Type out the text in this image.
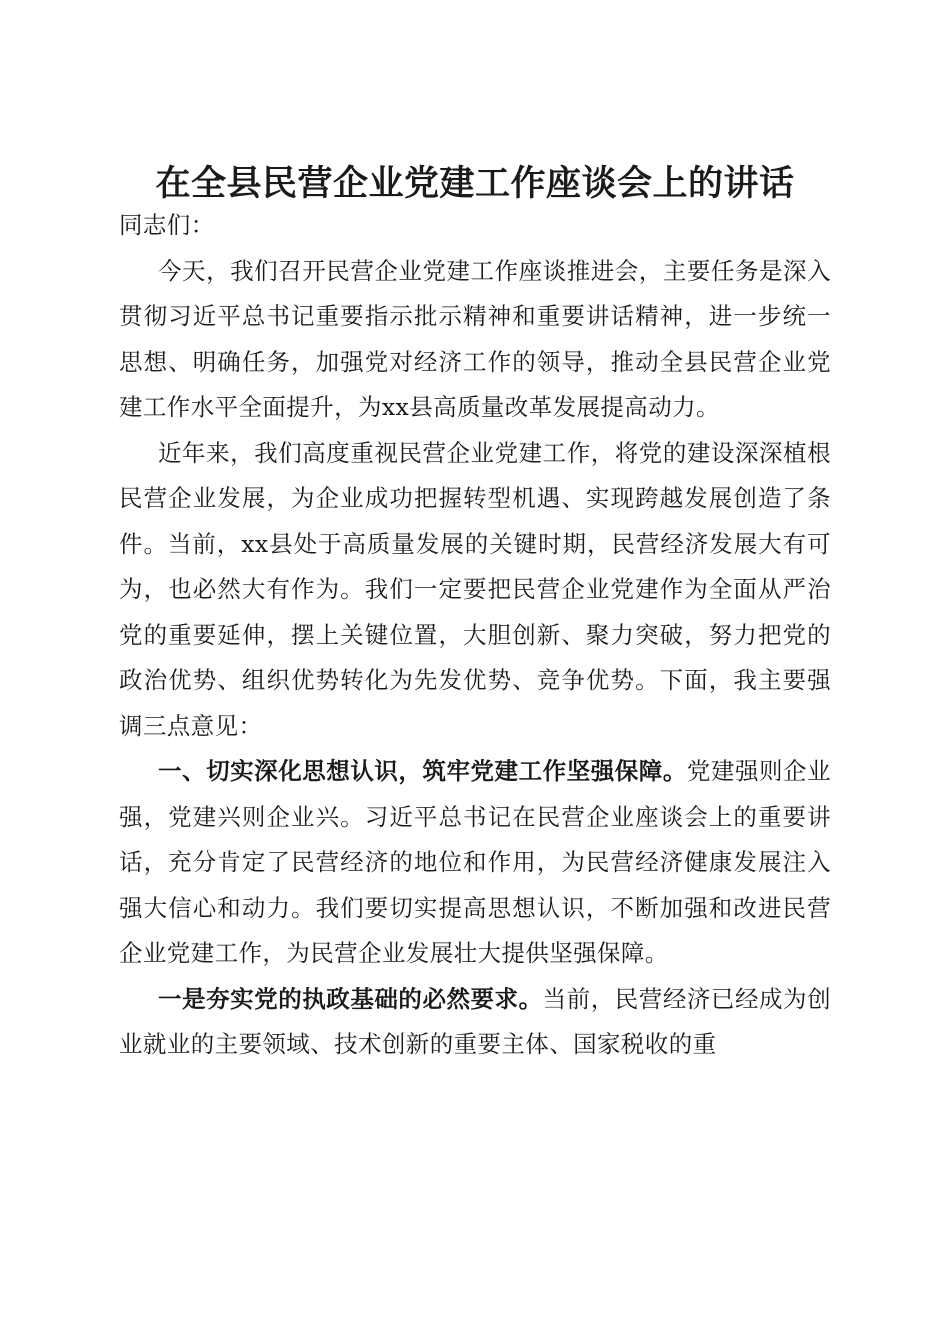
在全县民营企业党建工作座谈会上的讲话

同志们：

今天，我们召开民营企业党建工作座谈推进会，主要任务是深入贯彻习近平总书记重要指示批示精神和重要讲话精神，进一步统一思想、明确任务，加强党对经济工作的领导，推动全县民营企业党建工作水平全面提升，为xx县高质量改革发展提高动力。

近年来，我们高度重视民营企业党建工作，将党的建设深深植根民营企业发展，为企业成功把握转型机遇、实现跨越发展创造了条件。当前，xx县处于高质量发展的关键时期，民营经济发展大有可为，也必然大有作为。我们一定要把民营企业党建作为全面从严治党的重要延伸，摆上关键位置，大胆创新、聚力突破，努力把党的政治优势、组织优势转化为先发优势、竞争优势。下面，我主要强调三点意见：

一、切实深化思想认识，筑牢党建工作坚强保障。党建强则企业强，党建兴则企业兴。习近平总书记在民营企业座谈会上的重要讲话，充分肯定了民营经济的地位和作用，为民营经济健康发展注入强大信心和动力。我们要切实提高思想认识，不断加强和改进民营企业党建工作，为民营企业发展壮大提供坚强保障。

一是夯实党的执政基础的必然要求。当前，民营经济已经成为创业就业的主要领域、技术创新的重要主体、国家税收的重
